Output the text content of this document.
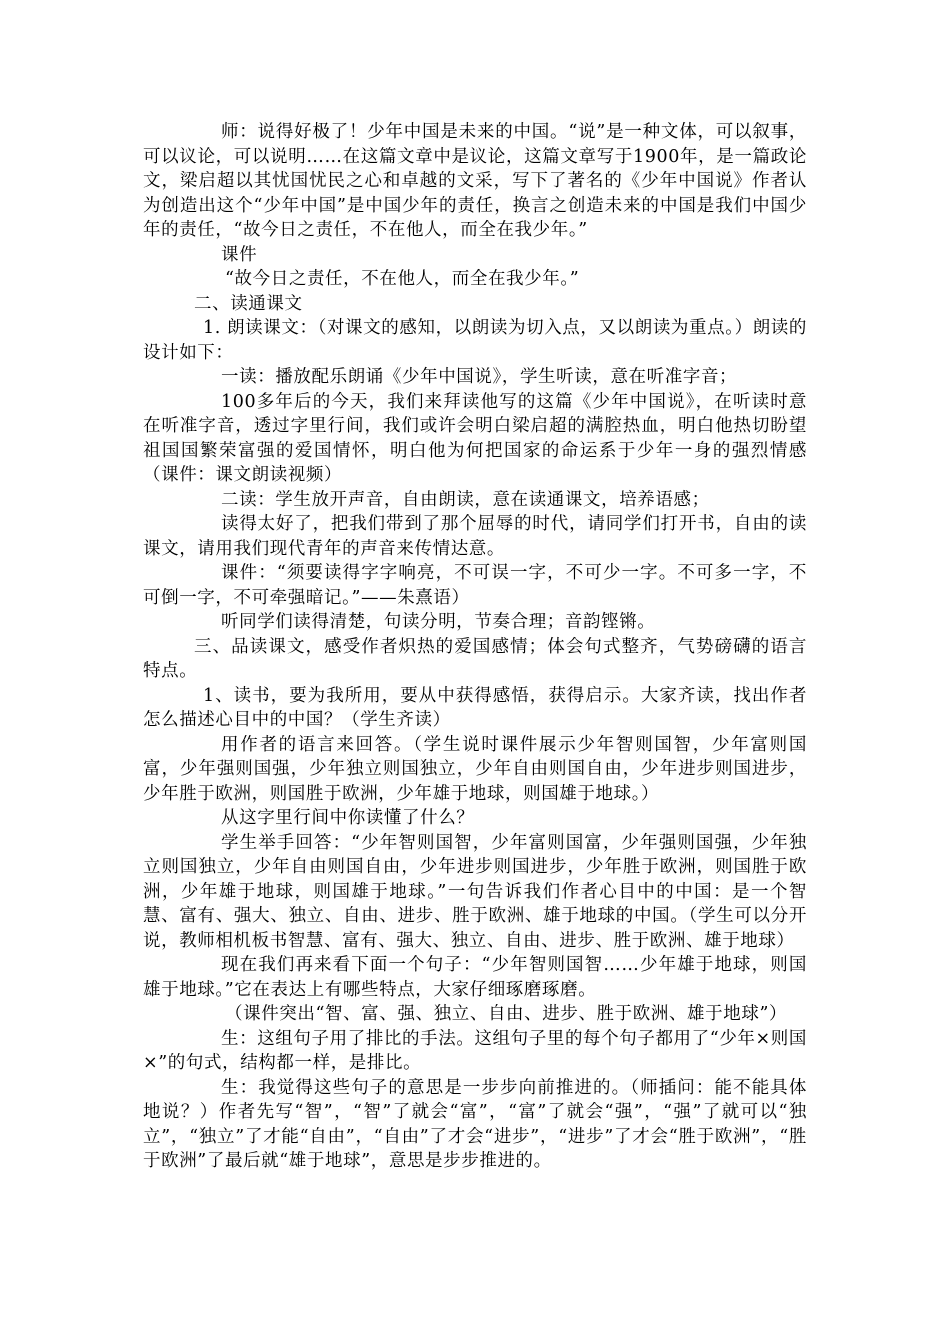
师：说得好极了！少年中国是未来的中国。“说”是一种文体，可以叙事，可以议论，可以说明……在这篇文章中是议论，这篇文章写于1900年，是一篇政论文，梁启超以其忧国忧民之心和卓越的文采，写下了著名的《少年中国说》作者认为创造出这个“少年中国”是中国少年的责任，换言之创造未来的中国是我们中国少年的责任，“故今日之责任，不在他人，而全在我少年。”

课件

“故今日之责任，不在他人，而全在我少年。”

二、读通课文

1. 朗读课文：（对课文的感知，以朗读为切入点，又以朗读为重点。）朗读的设计如下：

一读：播放配乐朗诵《少年中国说》，学生听读，意在听准字音；

100多年后的今天，我们来拜读他写的这篇《少年中国说》，在听读时意在听准字音，透过字里行间，我们或许会明白梁启超的满腔热血，明白他热切盼望祖国国繁荣富强的爱国情怀，明白他为何把国家的命运系于少年一身的强烈情感（课件：课文朗读视频）

二读：学生放开声音，自由朗读，意在读通课文，培养语感；

读得太好了，把我们带到了那个屈辱的时代，请同学们打开书，自由的读课文，请用我们现代青年的声音来传情达意。

课件：“须要读得字字响亮，不可误一字，不可少一字。不可多一字，不可倒一字，不可牵强暗记。”——朱熹语）

听同学们读得清楚，句读分明，节奏合理；音韵铿锵。

三、品读课文，感受作者炽热的爱国感情；体会句式整齐，气势磅礴的语言特点。

1、读书，要为我所用，要从中获得感悟，获得启示。大家齐读，找出作者怎么描述心目中的中国？（学生齐读）

用作者的语言来回答。（学生说时课件展示少年智则国智，少年富则国富，少年强则国强，少年独立则国独立，少年自由则国自由，少年进步则国进步，少年胜于欧洲，则国胜于欧洲，少年雄于地球，则国雄于地球。）

从这字里行间中你读懂了什么？

学生举手回答：“少年智则国智，少年富则国富，少年强则国强，少年独立则国独立，少年自由则国自由，少年进步则国进步，少年胜于欧洲，则国胜于欧洲，少年雄于地球，则国雄于地球。”一句告诉我们作者心目中的中国：是一个智慧、富有、强大、独立、自由、进步、胜于欧洲、雄于地球的中国。（学生可以分开说，教师相机板书智慧、富有、强大、独立、自由、进步、胜于欧洲、雄于地球）

现在我们再来看下面一个句子：“少年智则国智……少年雄于地球，则国雄于地球。”它在表达上有哪些特点，大家仔细琢磨琢磨。

（课件突出“智、富、强、独立、自由、进步、胜于欧洲、雄于地球”）

生：这组句子用了排比的手法。这组句子里的每个句子都用了“少年×则国×”的句式，结构都一样，是排比。

生：我觉得这些句子的意思是一步步向前推进的。（师插问：能不能具体地说？）作者先写“智”，“智”了就会“富”，“富”了就会“强”，“强”了就可以“独立”，“独立”了才能“自由”，“自由”了才会“进步”，“进步”了才会“胜于欧洲”，“胜于欧洲”了最后就“雄于地球”，意思是步步推进的。
